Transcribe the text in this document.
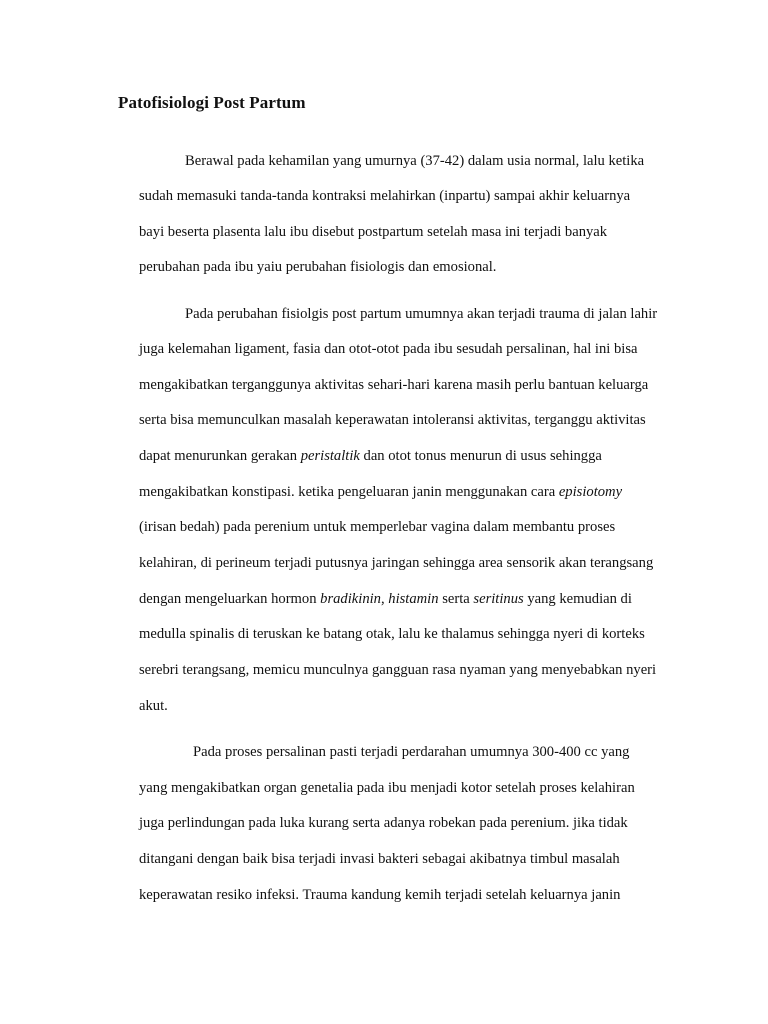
Patofisiologi Post Partum
Berawal pada kehamilan yang umurnya (37-42) dalam usia normal, lalu ketika
sudah memasuki tanda-tanda kontraksi melahirkan (inpartu) sampai akhir keluarnya
bayi beserta plasenta lalu ibu disebut postpartum setelah masa ini terjadi banyak
perubahan pada ibu yaiu perubahan fisiologis dan emosional.
Pada perubahan fisiolgis post partum umumnya akan terjadi trauma di jalan lahir
juga kelemahan ligament, fasia dan otot-otot pada ibu sesudah persalinan, hal ini bisa
mengakibatkan terganggunya aktivitas sehari-hari karena masih perlu bantuan keluarga
serta bisa memunculkan masalah keperawatan intoleransi aktivitas, terganggu aktivitas
dapat menurunkan gerakan peristaltik dan otot tonus menurun di usus sehingga
mengakibatkan konstipasi. ketika pengeluaran janin menggunakan cara episiotomy
(irisan bedah) pada perenium untuk memperlebar vagina dalam membantu proses
kelahiran, di perineum terjadi putusnya jaringan sehingga area sensorik akan terangsang
dengan mengeluarkan hormon bradikinin, histamin serta seritinus yang kemudian di
medulla spinalis di teruskan ke batang otak, lalu ke thalamus sehingga nyeri di korteks
serebri terangsang, memicu munculnya gangguan rasa nyaman yang menyebabkan nyeri
akut.
Pada proses persalinan pasti terjadi perdarahan umumnya 300-400 cc yang
yang mengakibatkan organ genetalia pada ibu menjadi kotor setelah proses kelahiran
juga perlindungan pada luka kurang serta adanya robekan pada perenium. jika tidak
ditangani dengan baik bisa terjadi invasi bakteri sebagai akibatnya timbul masalah
keperawatan resiko infeksi. Trauma kandung kemih terjadi setelah keluarnya janin
